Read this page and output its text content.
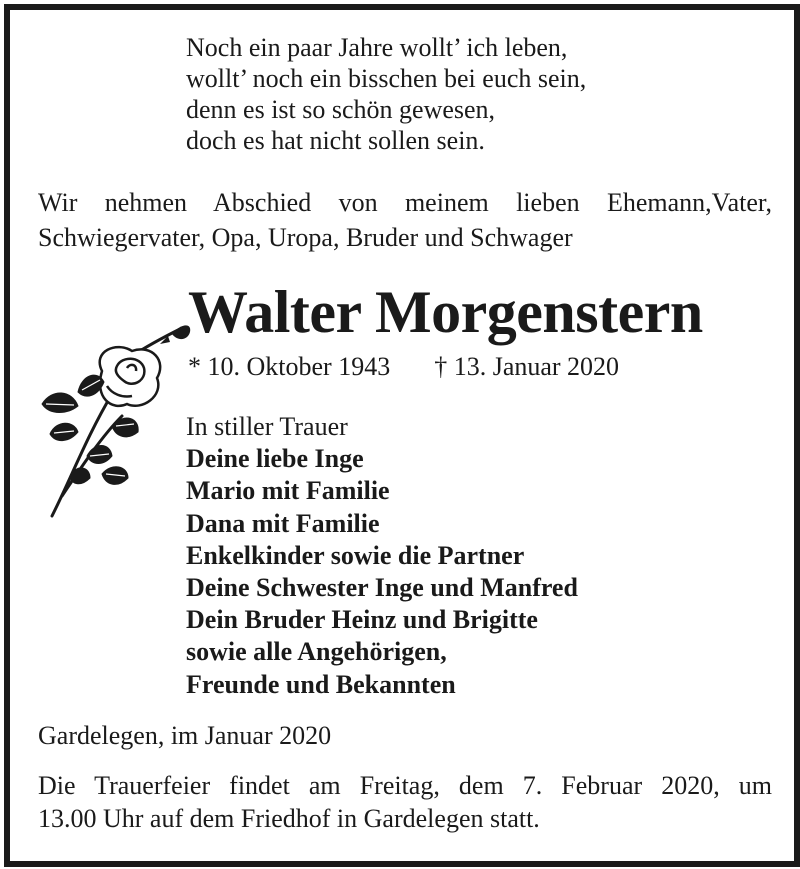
Noch ein paar Jahre wollt’ ich leben,
wollt’ noch ein bisschen bei euch sein,
denn es ist so schön gewesen,
doch es hat nicht sollen sein.
Wir nehmen Abschied von meinem lieben Ehemann,Vater,
Schwiegervater, Opa, Uropa, Bruder und Schwager
Walter Morgenstern
* 10. Oktober 1943 † 13. Januar 2020
In stiller Trauer
Deine liebe Inge
Mario mit Familie
Dana mit Familie
Enkelkinder sowie die Partner
Deine Schwester Inge und Manfred
Dein Bruder Heinz und Brigitte
sowie alle Angehörigen,
Freunde und Bekannten
Gardelegen, im Januar 2020
Die Trauerfeier findet am Freitag, dem 7. Februar 2020, um
13.00 Uhr auf dem Friedhof in Gardelegen statt.
